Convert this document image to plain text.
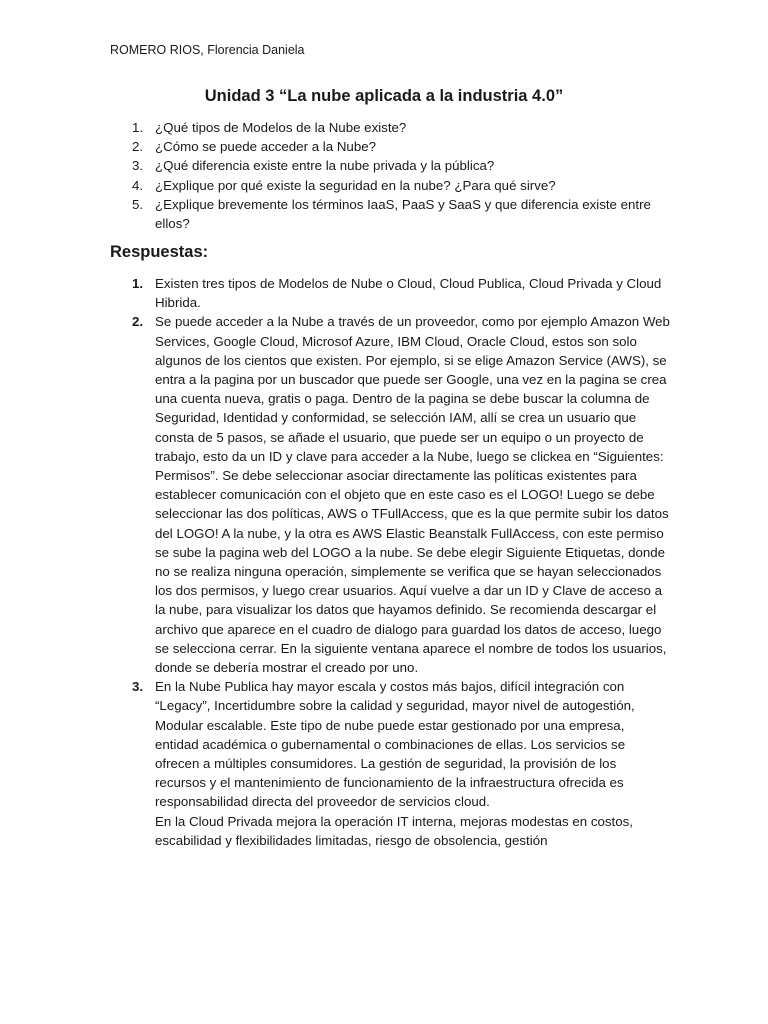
ROMERO RIOS, Florencia Daniela

Unidad 3 “La nube aplicada a la industria 4.0”
1. ¿Qué tipos de Modelos de la Nube existe?
2. ¿Cómo se puede acceder a la Nube?
3. ¿Qué diferencia existe entre la nube privada y la pública?
4. ¿Explique por qué existe la seguridad en la nube? ¿Para qué sirve?
5. ¿Explique brevemente los términos IaaS, PaaS y SaaS y que diferencia existe entre ellos?
Respuestas:
1. Existen tres tipos de Modelos de Nube o Cloud, Cloud Publica, Cloud Privada y Cloud Hibrida.

2. Se puede acceder a la Nube a través de un proveedor, como por ejemplo Amazon Web Services, Google Cloud, Microsof Azure, IBM Cloud, Oracle Cloud, estos son solo algunos de los cientos que existen. Por ejemplo, si se elige Amazon Service (AWS), se entra a la pagina por un buscador que puede ser Google, una vez en la pagina se crea una cuenta nueva, gratis o paga. Dentro de la pagina se debe buscar la columna de Seguridad, Identidad y conformidad, se selección IAM, allí se crea un usuario que consta de 5 pasos, se añade el usuario, que puede ser un equipo o un proyecto de trabajo, esto da un ID y clave para acceder a la Nube, luego se clickea en “Siguientes: Permisos”. Se debe seleccionar asociar directamente las políticas existentes para establecer comunicación con el objeto que en este caso es el LOGO! Luego se debe seleccionar las dos políticas, AWS o TFullAccess, que es la que permite subir los datos del LOGO! A la nube, y la otra es AWS Elastic Beanstalk FullAccess, con este permiso se sube la pagina web del LOGO a la nube. Se debe elegir Siguiente Etiquetas, donde no se realiza ninguna operación, simplemente se verifica que se hayan seleccionados los dos permisos, y luego crear usuarios. Aquí vuelve a dar un ID y Clave de acceso a la nube, para visualizar los datos que hayamos definido. Se recomienda descargar el archivo que aparece en el cuadro de dialogo para guardad los datos de acceso, luego se selecciona cerrar. En la siguiente ventana aparece el nombre de todos los usuarios, donde se debería mostrar el creado por uno.

3. En la Nube Publica hay mayor escala y costos más bajos, difícil integración con “Legacy”, Incertidumbre sobre la calidad y seguridad, mayor nivel de autogestión, Modular escalable. Este tipo de nube puede estar gestionado por una empresa, entidad académica o gubernamental o combinaciones de ellas. Los servicios se ofrecen a múltiples consumidores. La gestión de seguridad, la provisión de los recursos y el mantenimiento de funcionamiento de la infraestructura ofrecida es responsabilidad directa del proveedor de servicios cloud.

En la Cloud Privada mejora la operación IT interna, mejoras modestas en costos, escabilidad y flexibilidades limitadas, riesgo de obsolencia, gestión
